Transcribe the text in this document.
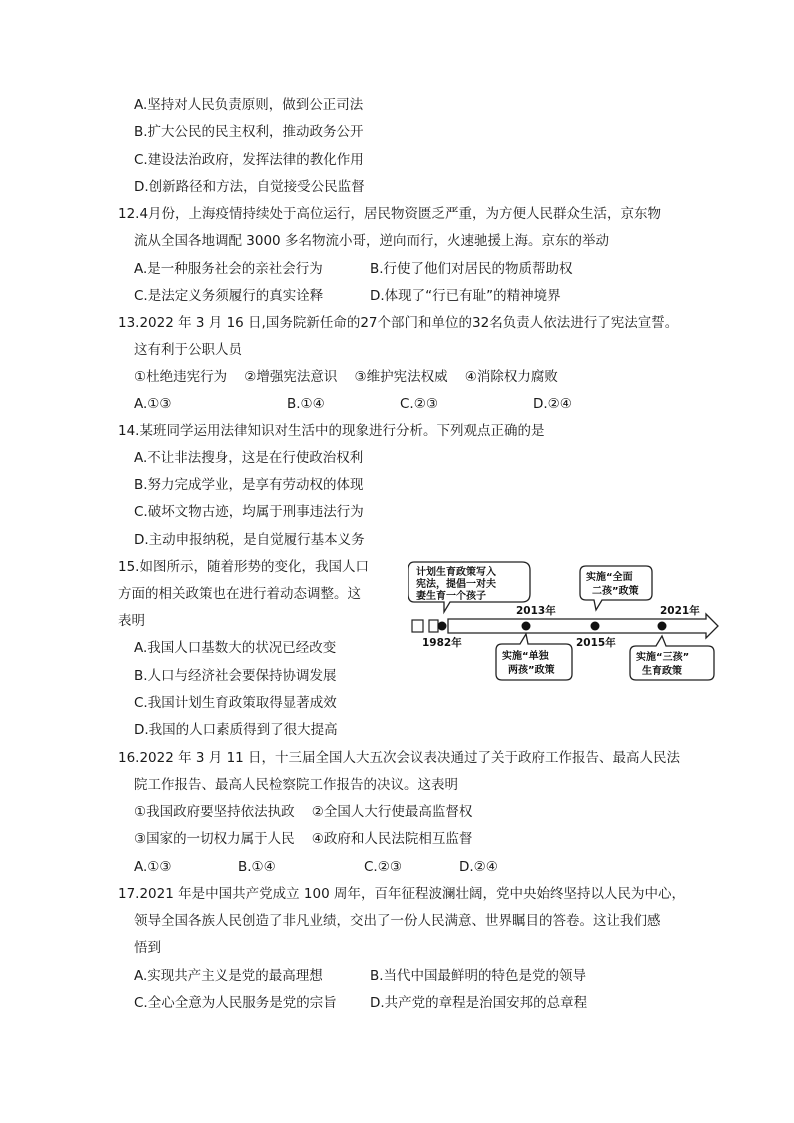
A.坚持对人民负责原则，做到公正司法
B.扩大公民的民主权利，推动政务公开
C.建设法治政府，发挥法律的教化作用
D.创新路径和方法，自觉接受公民监督
12.4月份，上海疫情持续处于高位运行，居民物资匮乏严重，为方便人民群众生活，京东物
流从全国各地调配 3000 多名物流小哥，逆向而行，火速驰援上海。京东的举动
A.是一种服务社会的亲社会行为	B.行使了他们对居民的物质帮助权
C.是法定义务须履行的真实诠释	D.体现了“行已有耻”的精神境界
13.2022 年 3 月 16 日,国务院新任命的27个部门和单位的32名负责人依法进行了宪法宣誓。
这有利于公职人员
①杜绝违宪行为    ②增强宪法意识    ③维护宪法权威    ④消除权力腐败
A.①③	B.①④	C.②③	D.②④
14.某班同学运用法律知识对生活中的现象进行分析。下列观点正确的是
A.不让非法搜身，这是在行使政治权利
B.努力完成学业，是享有劳动权的体现
C.破坏文物古迹，均属于刑事违法行为
D.主动申报纳税，是自觉履行基本义务
15.如图所示，随着形势的变化，我国人口
方面的相关政策也在进行着动态调整。这
表明
A.我国人口基数大的状况已经改变
B.人口与经济社会要保持协调发展
C.我国计划生育政策取得显著成效
D.我国的人口素质得到了很大提高
1982年
2013年
2015年
2021年
计划生育政策写入
宪法，提倡一对夫
妻生育一个孩子
实施“单独
两孩”政策
实施“全面
二孩”政策
实施“三孩”
生育政策
16.2022 年 3 月 11 日，十三届全国人大五次会议表决通过了关于政府工作报告、最高人民法
院工作报告、最高人民检察院工作报告的决议。这表明
①我国政府要坚持依法执政    ②全国人大行使最高监督权
③国家的一切权力属于人民    ④政府和人民法院相互监督
A.①③	B.①④	C.②③	D.②④
17.2021 年是中国共产党成立 100 周年，百年征程波澜壮阔，党中央始终坚持以人民为中心，
领导全国各族人民创造了非凡业绩，交出了一份人民满意、世界瞩目的答卷。这让我们感
悟到
A.实现共产主义是党的最高理想	B.当代中国最鲜明的特色是党的领导
C.全心全意为人民服务是党的宗旨 D.共产党的章程是治国安邦的总章程
